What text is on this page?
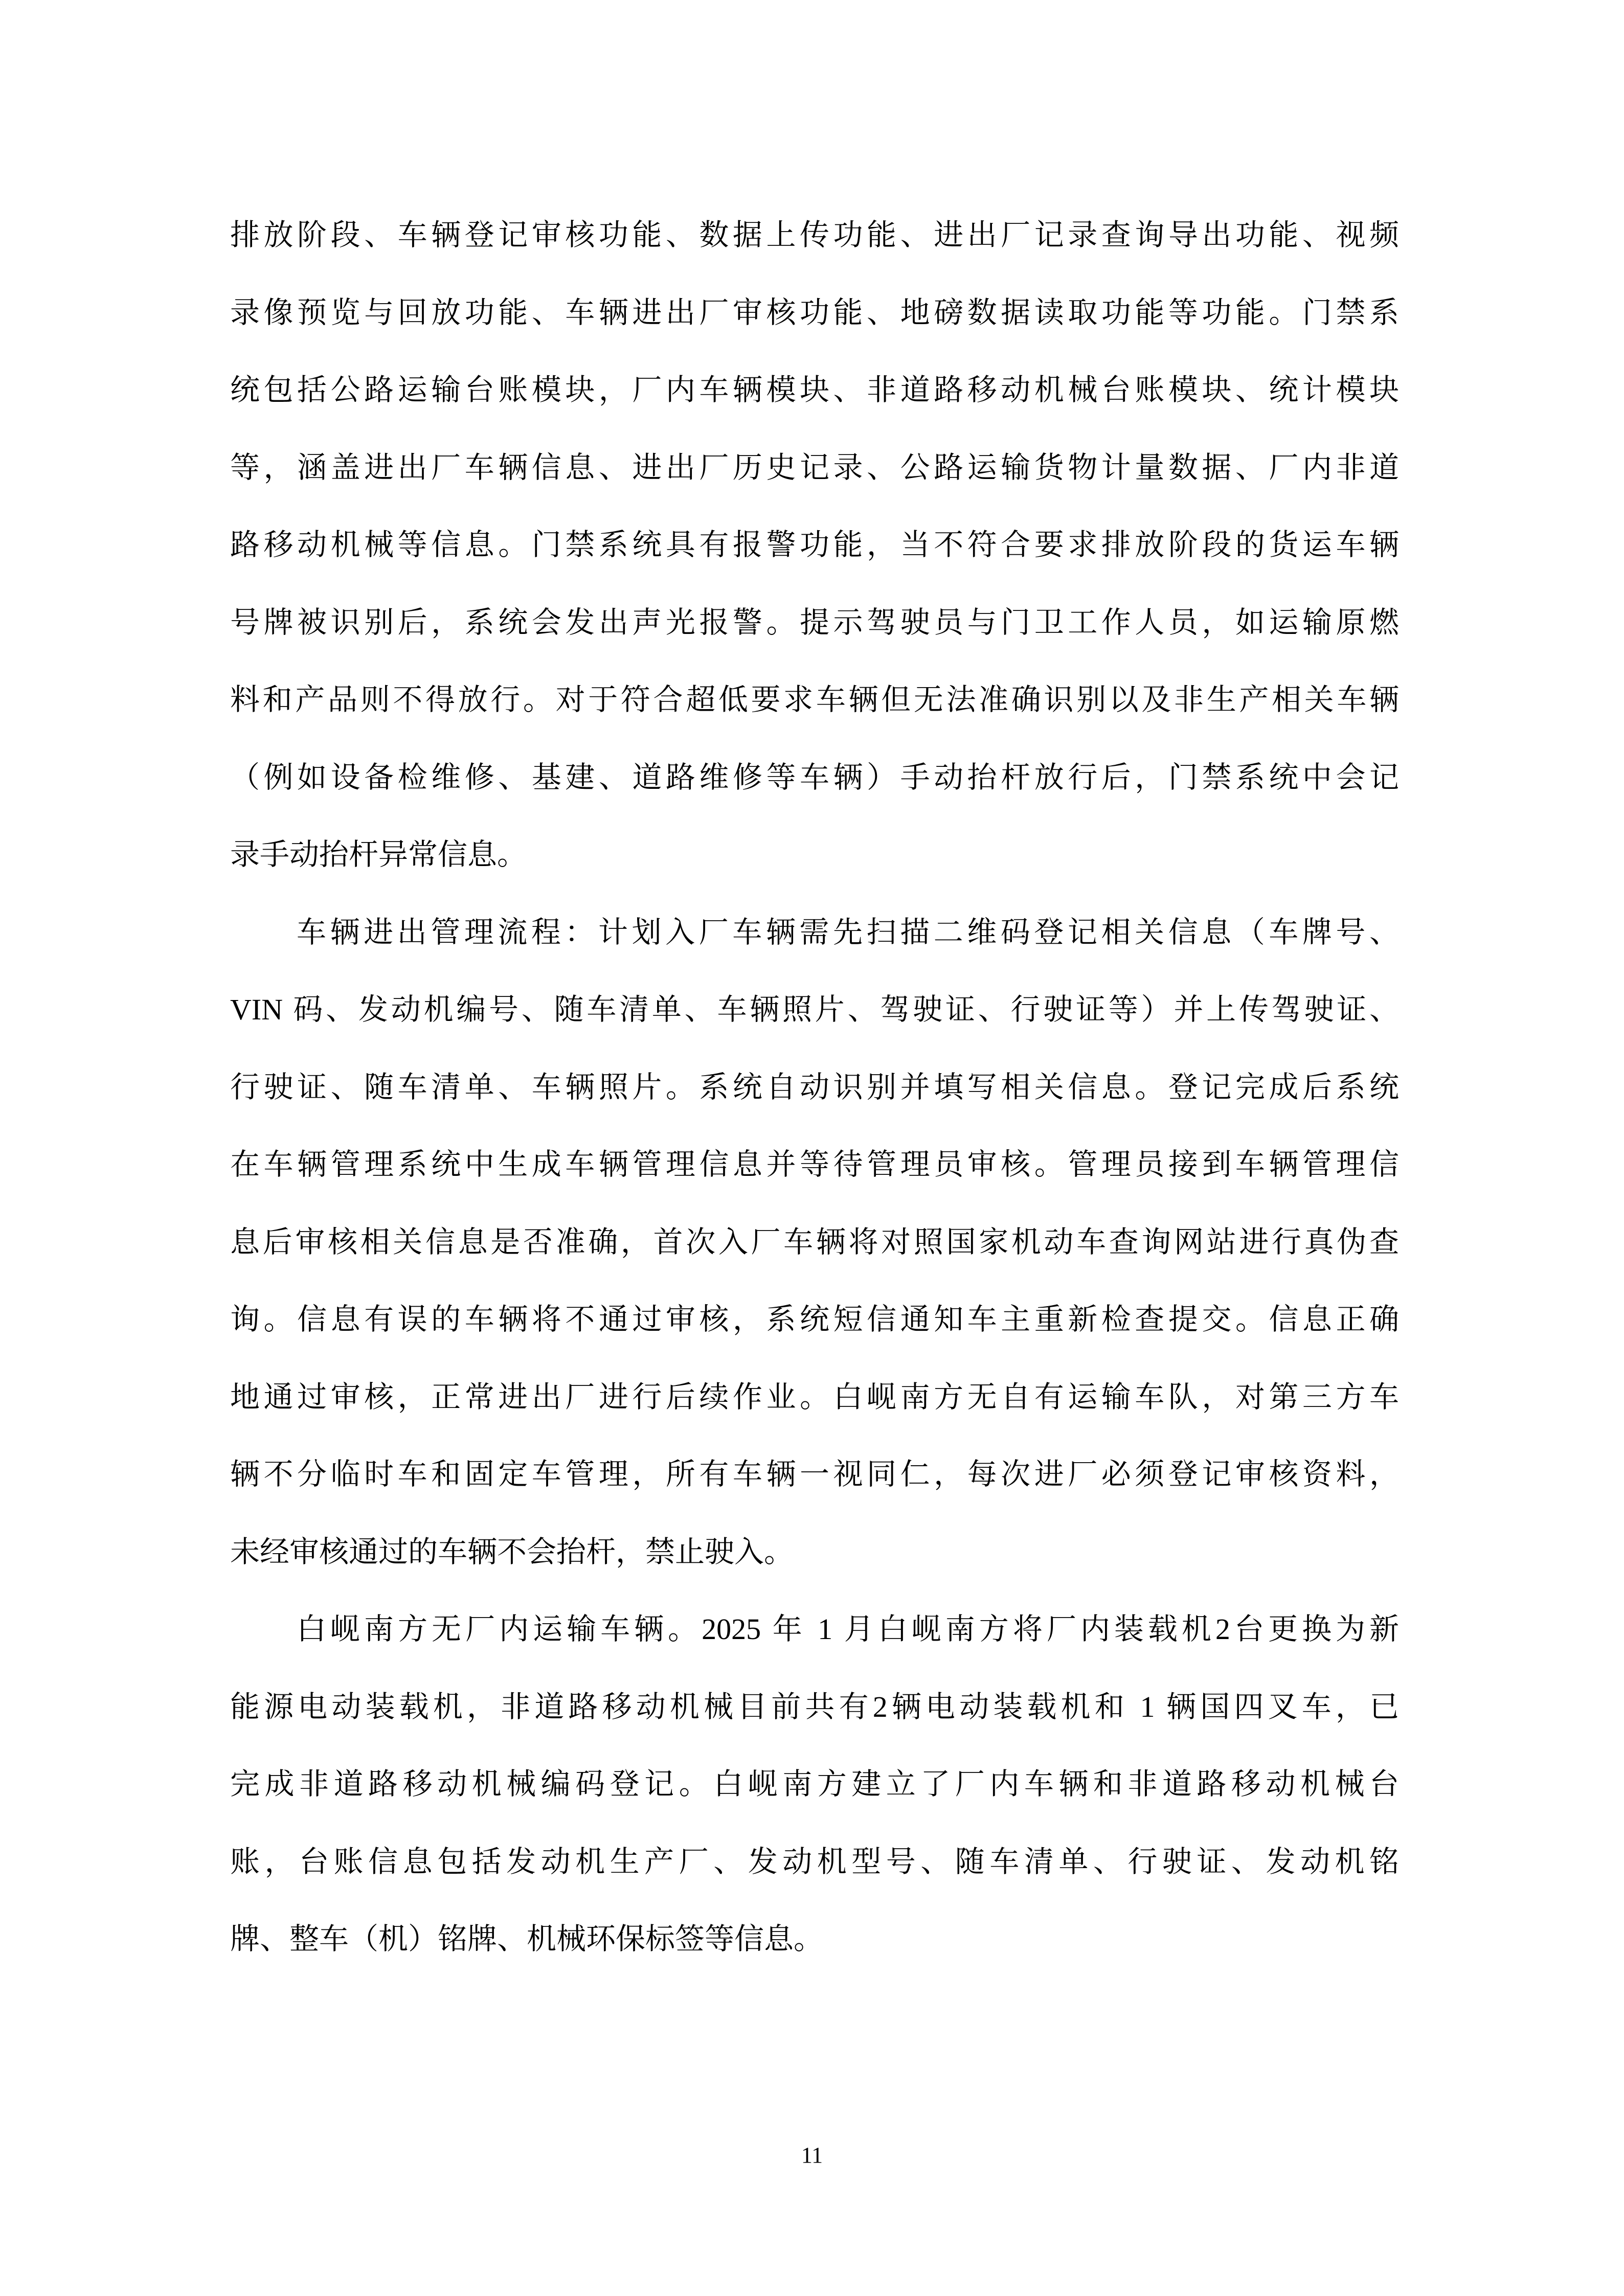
排放阶段、车辆登记审核功能、数据上传功能、进出厂记录查询导出功能、视频
录像预览与回放功能、车辆进出厂审核功能、地磅数据读取功能等功能。门禁系
统包括公路运输台账模块，厂内车辆模块、非道路移动机械台账模块、统计模块
等，涵盖进出厂车辆信息、进出厂历史记录、公路运输货物计量数据、厂内非道
路移动机械等信息。门禁系统具有报警功能，当不符合要求排放阶段的货运车辆
号牌被识别后，系统会发出声光报警。提示驾驶员与门卫工作人员，如运输原燃
料和产品则不得放行。对于符合超低要求车辆但无法准确识别以及非生产相关车辆
（例如设备检维修、基建、道路维修等车辆）手动抬杆放行后，门禁系统中会记
录手动抬杆异常信息。
车辆进出管理流程：计划入厂车辆需先扫描二维码登记相关信息（车牌号、
VIN 码、发动机编号、随车清单、车辆照片、驾驶证、行驶证等）并上传驾驶证、
行驶证、随车清单、车辆照片。系统自动识别并填写相关信息。登记完成后系统
在车辆管理系统中生成车辆管理信息并等待管理员审核。管理员接到车辆管理信
息后审核相关信息是否准确，首次入厂车辆将对照国家机动车查询网站进行真伪查
询。信息有误的车辆将不通过审核，系统短信通知车主重新检查提交。信息正确
地通过审核，正常进出厂进行后续作业。白岘南方无自有运输车队，对第三方车
辆不分临时车和固定车管理，所有车辆一视同仁，每次进厂必须登记审核资料，
未经审核通过的车辆不会抬杆，禁止驶入。
白岘南方无厂内运输车辆。2025 年 1 月白岘南方将厂内装载机2台更换为新
能源电动装载机，非道路移动机械目前共有2辆电动装载机和 1 辆国四叉车，已
完成非道路移动机械编码登记。白岘南方建立了厂内车辆和非道路移动机械台
账，台账信息包括发动机生产厂、发动机型号、随车清单、行驶证、发动机铭
牌、整车（机）铭牌、机械环保标签等信息。
11
